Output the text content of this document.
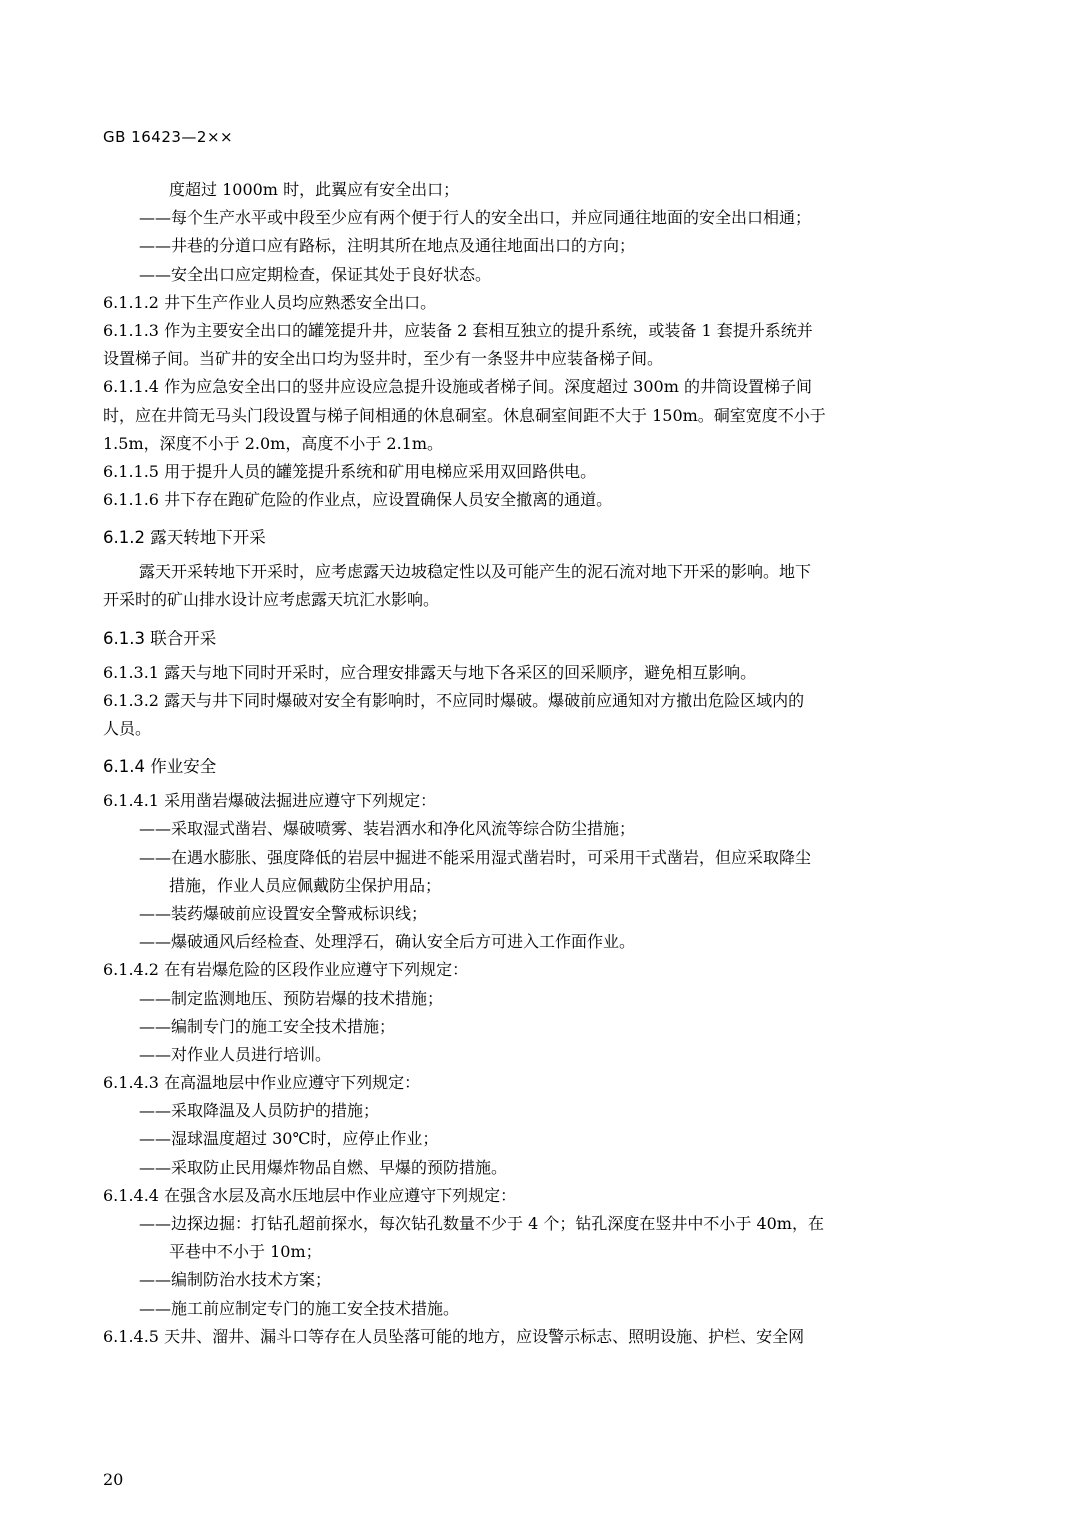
GB 16423—2××
度超过 1000m 时，此翼应有安全出口；
——每个生产水平或中段至少应有两个便于行人的安全出口，并应同通往地面的安全出口相通；
——井巷的分道口应有路标，注明其所在地点及通往地面出口的方向；
——安全出口应定期检查，保证其处于良好状态。
6.1.1.2 井下生产作业人员均应熟悉安全出口。
6.1.1.3 作为主要安全出口的罐笼提升井，应装备 2 套相互独立的提升系统，或装备 1 套提升系统并
设置梯子间。当矿井的安全出口均为竖井时，至少有一条竖井中应装备梯子间。
6.1.1.4 作为应急安全出口的竖井应设应急提升设施或者梯子间。深度超过 300m 的井筒设置梯子间
时，应在井筒无马头门段设置与梯子间相通的休息硐室。休息硐室间距不大于 150m。硐室宽度不小于
1.5m，深度不小于 2.0m，高度不小于 2.1m。
6.1.1.5 用于提升人员的罐笼提升系统和矿用电梯应采用双回路供电。
6.1.1.6 井下存在跑矿危险的作业点，应设置确保人员安全撤离的通道。
6.1.2 露天转地下开采
露天开采转地下开采时，应考虑露天边坡稳定性以及可能产生的泥石流对地下开采的影响。地下
开采时的矿山排水设计应考虑露天坑汇水影响。
6.1.3 联合开采
6.1.3.1 露天与地下同时开采时，应合理安排露天与地下各采区的回采顺序，避免相互影响。
6.1.3.2 露天与井下同时爆破对安全有影响时，不应同时爆破。爆破前应通知对方撤出危险区域内的
人员。
6.1.4 作业安全
6.1.4.1 采用凿岩爆破法掘进应遵守下列规定：
——采取湿式凿岩、爆破喷雾、装岩洒水和净化风流等综合防尘措施；
——在遇水膨胀、强度降低的岩层中掘进不能采用湿式凿岩时，可采用干式凿岩，但应采取降尘
措施，作业人员应佩戴防尘保护用品；
——装药爆破前应设置安全警戒标识线；
——爆破通风后经检查、处理浮石，确认安全后方可进入工作面作业。
6.1.4.2 在有岩爆危险的区段作业应遵守下列规定：
——制定监测地压、预防岩爆的技术措施；
——编制专门的施工安全技术措施；
——对作业人员进行培训。
6.1.4.3 在高温地层中作业应遵守下列规定：
——采取降温及人员防护的措施；
——湿球温度超过 30℃时，应停止作业；
——采取防止民用爆炸物品自燃、早爆的预防措施。
6.1.4.4 在强含水层及高水压地层中作业应遵守下列规定：
——边探边掘：打钻孔超前探水，每次钻孔数量不少于 4 个；钻孔深度在竖井中不小于 40m，在
平巷中不小于 10m；
——编制防治水技术方案；
——施工前应制定专门的施工安全技术措施。
6.1.4.5 天井、溜井、漏斗口等存在人员坠落可能的地方，应设警示标志、照明设施、护栏、安全网
20
